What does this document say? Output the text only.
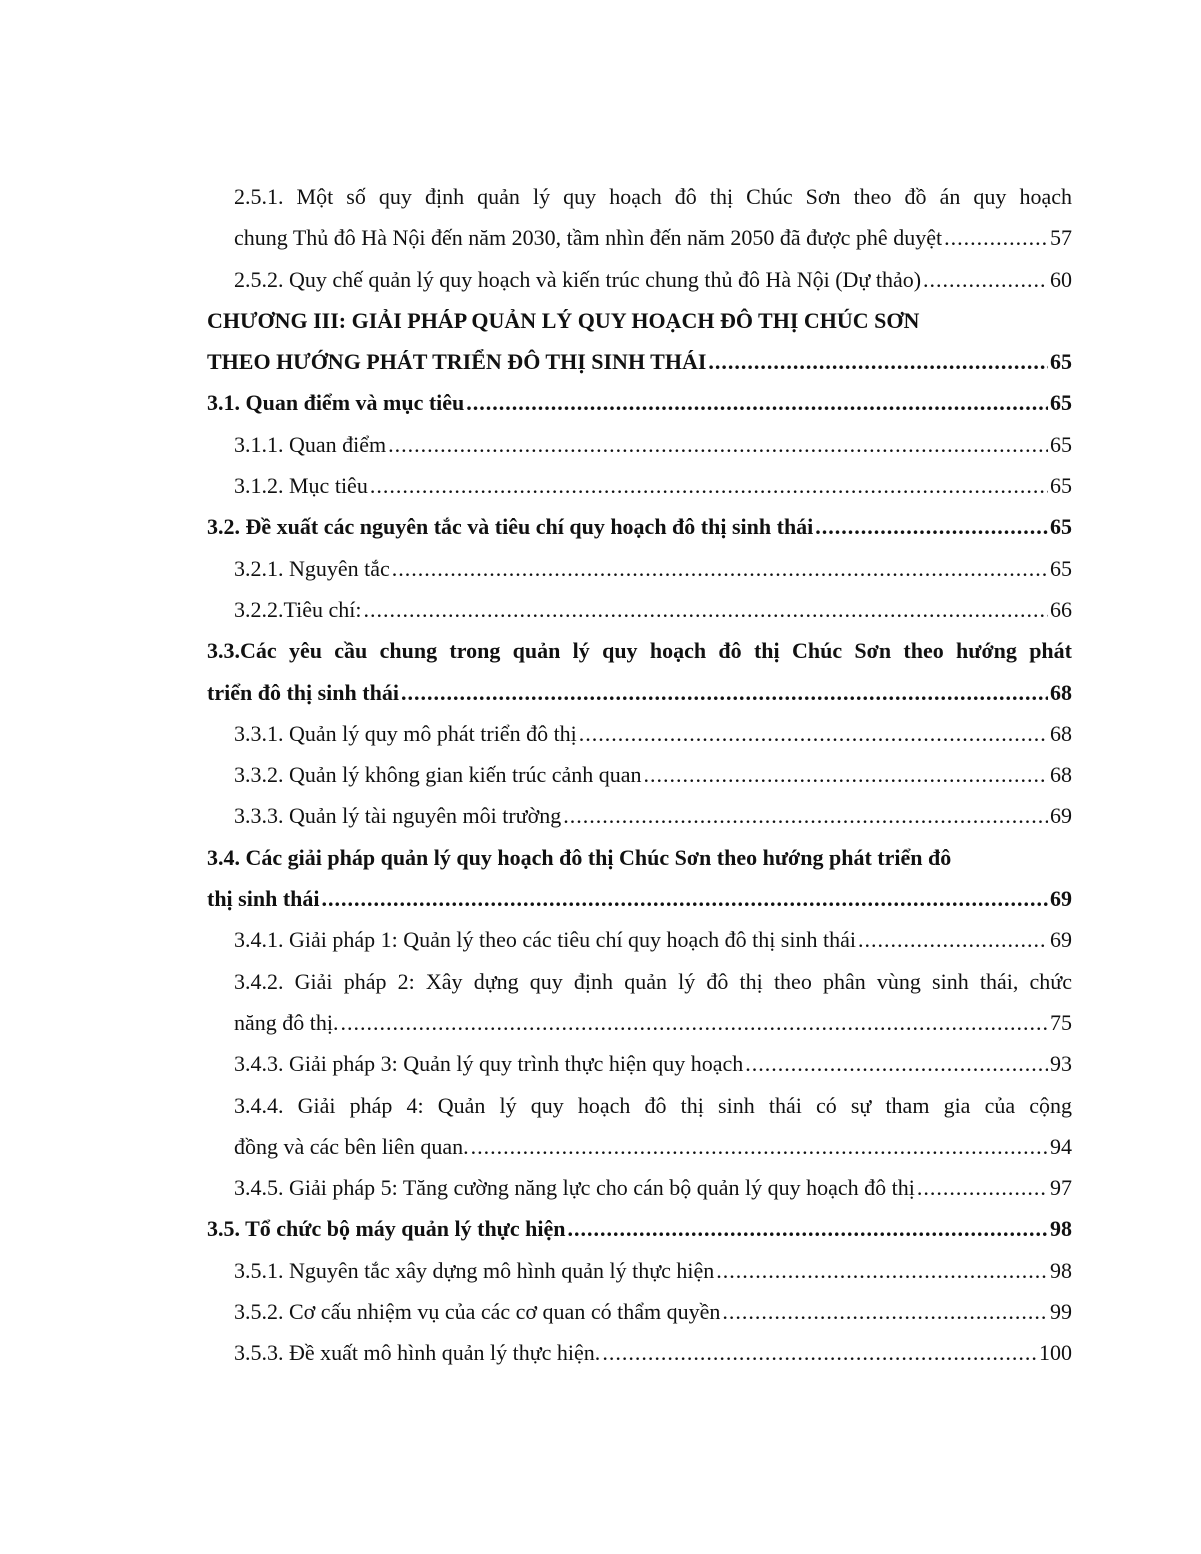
2.5.1. Một số quy định quản lý quy hoạch đô thị Chúc Sơn theo đồ án quy hoạch
chung Thủ đô Hà Nội đến năm 2030, tầm nhìn đến năm 2050 đã được phê duyệt .....	57
2.5.2. Quy chế quản lý quy hoạch và kiến trúc chung thủ đô Hà Nội (Dự thảo) .....	60
CHƯƠNG III: GIẢI PHÁP QUẢN LÝ QUY HOẠCH ĐÔ THỊ CHÚC SƠN
THEO HƯỚNG PHÁT TRIỂN ĐÔ THỊ SINH THÁI .....	65
3.1. Quan điểm và mục tiêu .....	65
3.1.1. Quan điểm .....	65
3.1.2. Mục tiêu .....	65
3.2. Đề xuất các nguyên tắc và tiêu chí quy hoạch đô thị sinh thái .....	65
3.2.1. Nguyên tắc .....	65
3.2.2.Tiêu chí: .....	66
3.3.Các yêu cầu chung trong quản lý quy hoạch đô thị Chúc Sơn theo hướng phát
triển đô thị sinh thái .....	68
3.3.1. Quản lý quy mô phát triển đô thị .....	68
3.3.2. Quản lý không gian kiến trúc cảnh quan .....	68
3.3.3. Quản lý tài nguyên môi trường .....	69
3.4. Các giải pháp quản lý quy hoạch đô thị Chúc Sơn theo hướng phát triển đô
thị sinh thái .....	69
3.4.1. Giải pháp 1: Quản lý theo các tiêu chí quy hoạch đô thị sinh thái .....	69
3.4.2. Giải pháp 2: Xây dựng quy định quản lý đô thị theo phân vùng sinh thái, chức
năng đô thị. .....	75
3.4.3. Giải pháp 3: Quản lý quy trình thực hiện quy hoạch .....	93
3.4.4. Giải pháp 4: Quản lý quy hoạch đô thị sinh thái có sự tham gia của cộng
đồng và các bên liên quan. .....	94
3.4.5. Giải pháp 5: Tăng cường năng lực cho cán bộ quản lý quy hoạch đô thị .....	97
3.5. Tổ chức bộ máy quản lý thực hiện .....	98
3.5.1. Nguyên tắc xây dựng mô hình quản lý thực hiện .....	98
3.5.2. Cơ cấu nhiệm vụ của các cơ quan có thẩm quyền .....	99
3.5.3. Đề xuất mô hình quản lý thực hiện. .....	100
